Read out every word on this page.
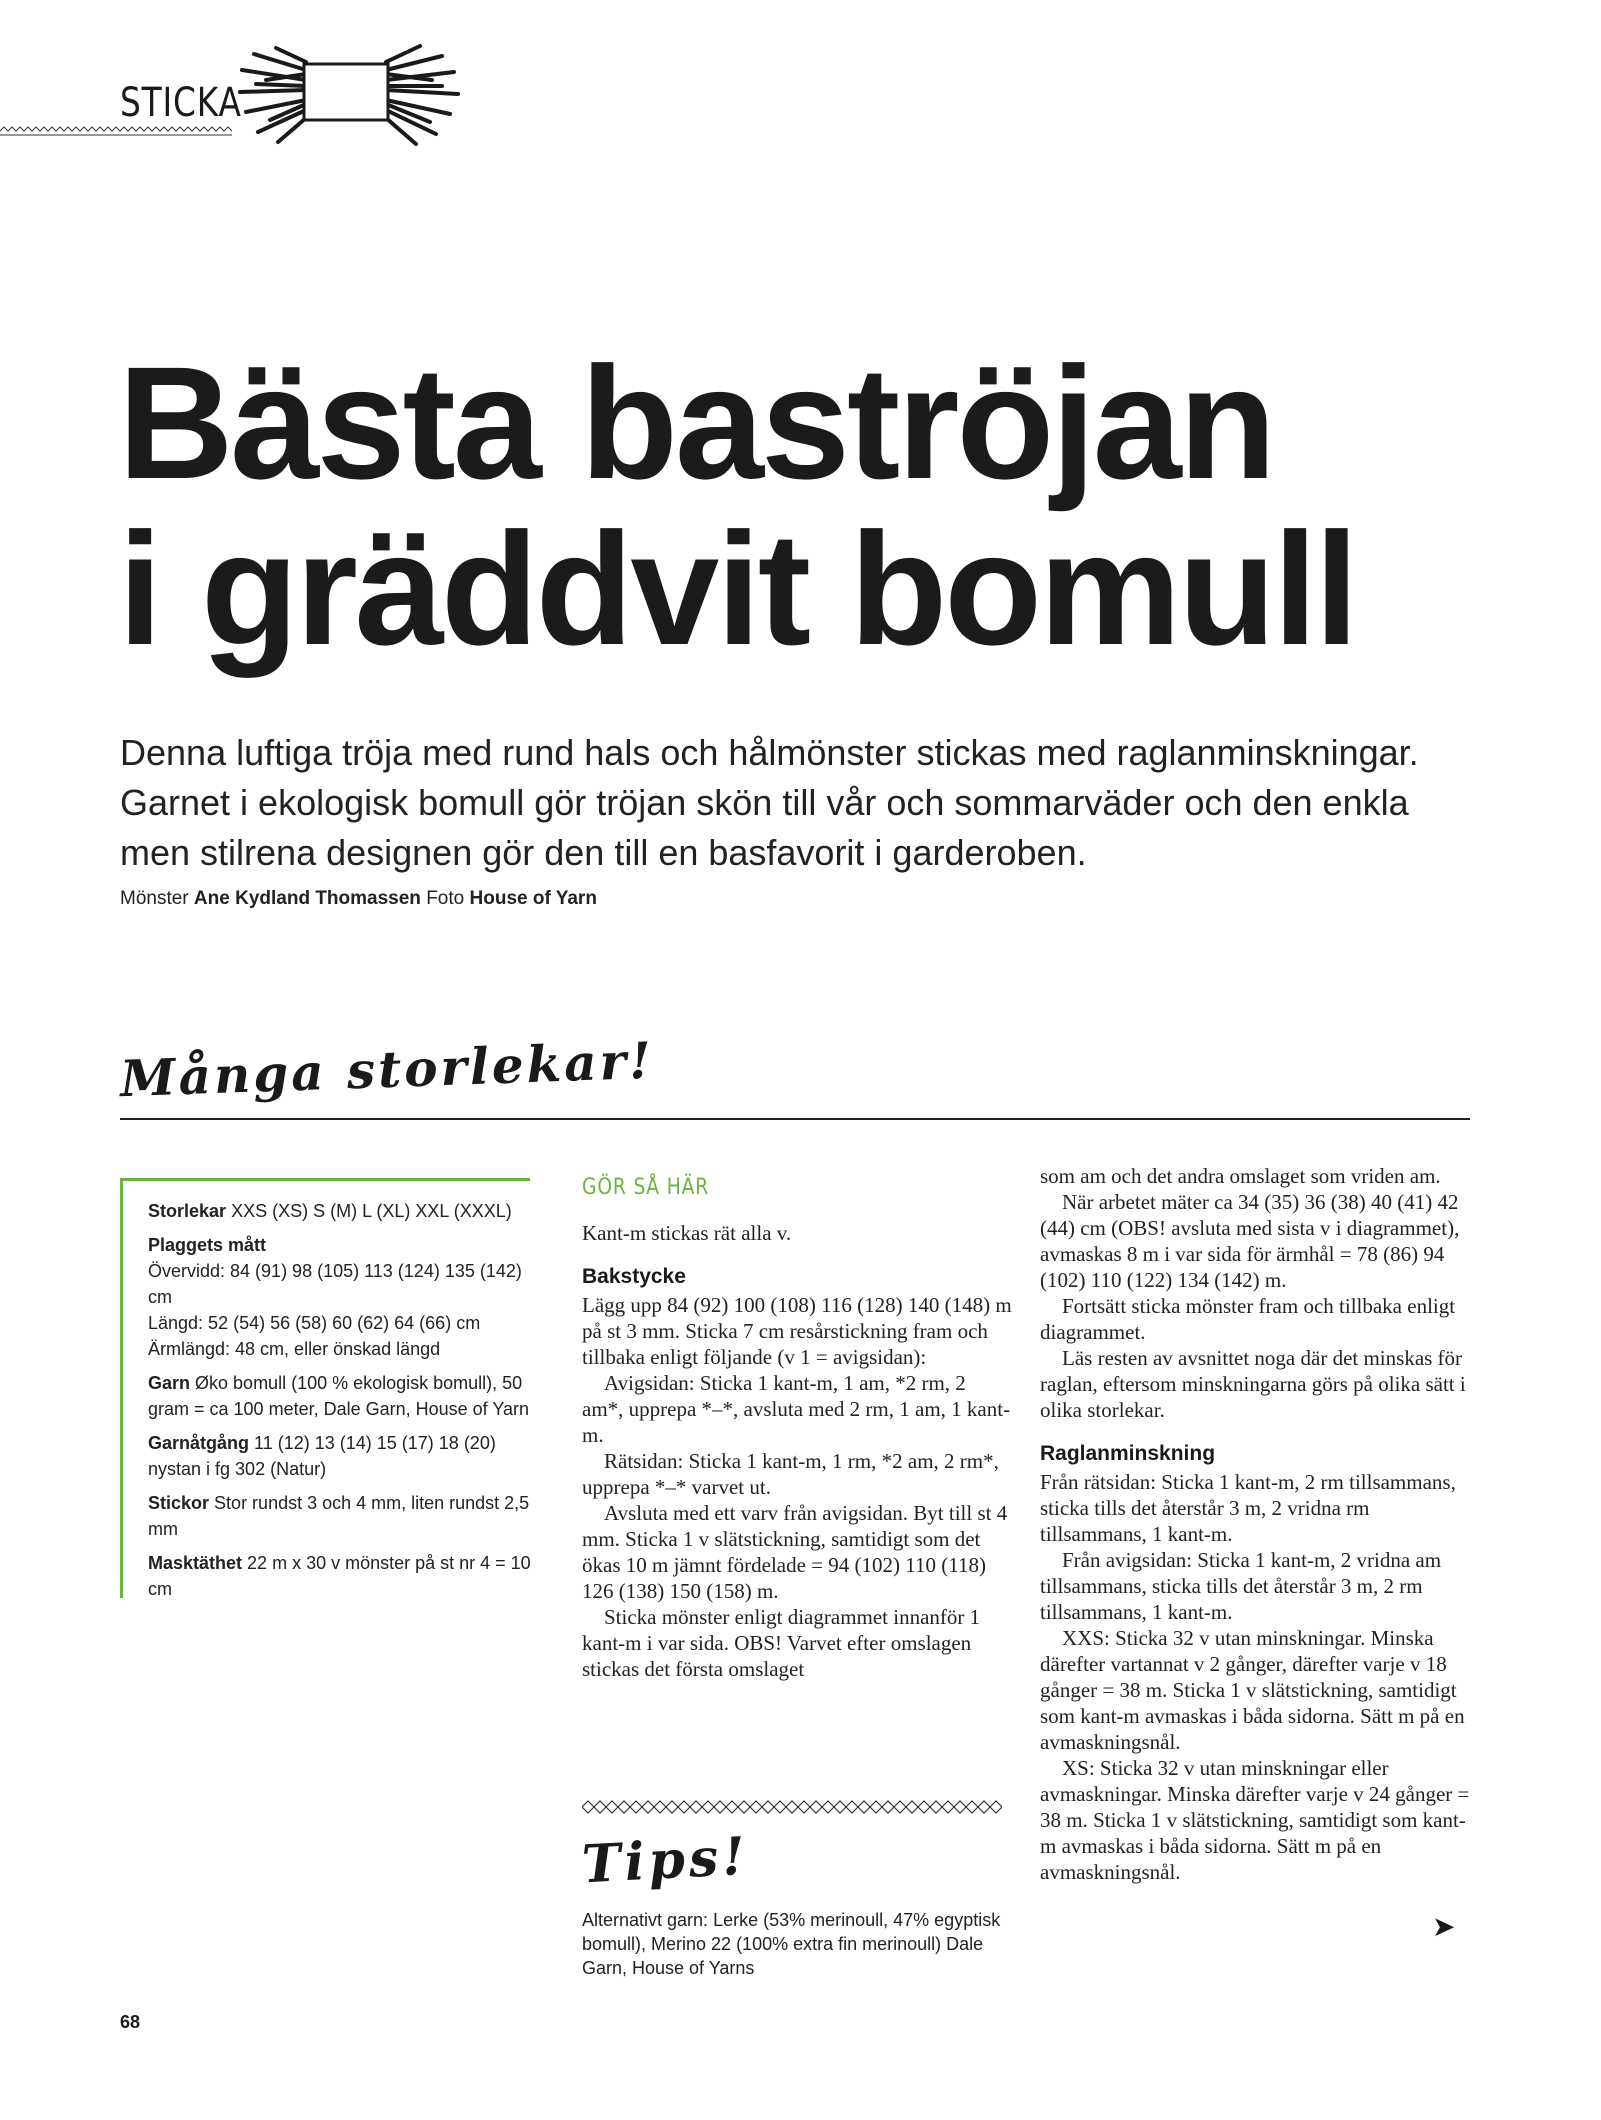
STICKA
Bästa baströjan
i gräddvit bomull

Denna luftiga tröja med rund hals och hålmönster stickas med raglanminskningar. Garnet i ekologisk bomull gör tröjan skön till vår och sommarväder och den enkla men stilrena designen gör den till en basfavorit i garderoben.

Mönster Ane Kydland Thomassen Foto House of Yarn
Många storlekar!

Storlekar XXS (XS) S (M) L (XL) XXL (XXXL)

Plaggets mått
Övervidd: 84 (91) 98 (105) 113 (124) 135 (142) cm
Längd: 52 (54) 56 (58) 60 (62) 64 (66) cm
Ärmlängd: 48 cm, eller önskad längd

Garn Øko bomull (100 % ekologisk bomull), 50 gram = ca 100 meter, Dale Garn, House of Yarn

Garnåtgång 11 (12) 13 (14) 15 (17) 18 (20) nystan i fg 302 (Natur)

Stickor Stor rundst 3 och 4 mm, liten rundst 2,5 mm

Masktäthet 22 m x 30 v mönster på st nr 4 = 10 cm

GÖR SÅ HÄR

Kant-m stickas rät alla v.

Bakstycke

Lägg upp 84 (92) 100 (108) 116 (128) 140 (148) m på st 3 mm. Sticka 7 cm resårstickning fram och tillbaka enligt följande (v 1 = avigsidan):

Avigsidan: Sticka 1 kant-m, 1 am, *2 rm, 2 am*, upprepa *–*, avsluta med 2 rm, 1 am, 1 kant-m.

Rätsidan: Sticka 1 kant-m, 1 rm, *2 am, 2 rm*, upprepa *–* varvet ut.

Avsluta med ett varv från avigsidan. Byt till st 4 mm. Sticka 1 v slätstickning, samtidigt som det ökas 10 m jämnt fördelade = 94 (102) 110 (118) 126 (138) 150 (158) m.

Sticka mönster enligt diagrammet innanför 1 kant-m i var sida. OBS! Varvet efter omslagen stickas det första omslaget

Tips!
Alternativt garn: Lerke (53% merinoull, 47% egyptisk bomull), Merino 22 (100% extra fin merinoull) Dale Garn, House of Yarns

som am och det andra omslaget som vriden am.

När arbetet mäter ca 34 (35) 36 (38) 40 (41) 42 (44) cm (OBS! avsluta med sista v i diagrammet), avmaskas 8 m i var sida för ärmhål = 78 (86) 94 (102) 110 (122) 134 (142) m.

Fortsätt sticka mönster fram och tillbaka enligt diagrammet.

Läs resten av avsnittet noga där det minskas för raglan, eftersom minskningarna görs på olika sätt i olika storlekar.

Raglanminskning

Från rätsidan: Sticka 1 kant-m, 2 rm tillsammans, sticka tills det återstår 3 m, 2 vridna rm tillsammans, 1 kant-m.

Från avigsidan: Sticka 1 kant-m, 2 vridna am tillsammans, sticka tills det återstår 3 m, 2 rm tillsammans, 1 kant-m.

XXS: Sticka 32 v utan minskningar. Minska därefter vartannat v 2 gånger, därefter varje v 18 gånger = 38 m. Sticka 1 v slätstickning, samtidigt som kant-m avmaskas i båda sidorna. Sätt m på en avmaskningsnål.

XS: Sticka 32 v utan minskningar eller avmaskningar. Minska därefter varje v 24 gånger = 38 m. Sticka 1 v slätstickning, samtidigt som kant-m avmaskas i båda sidorna. Sätt m på en avmaskningsnål.

➤
68
